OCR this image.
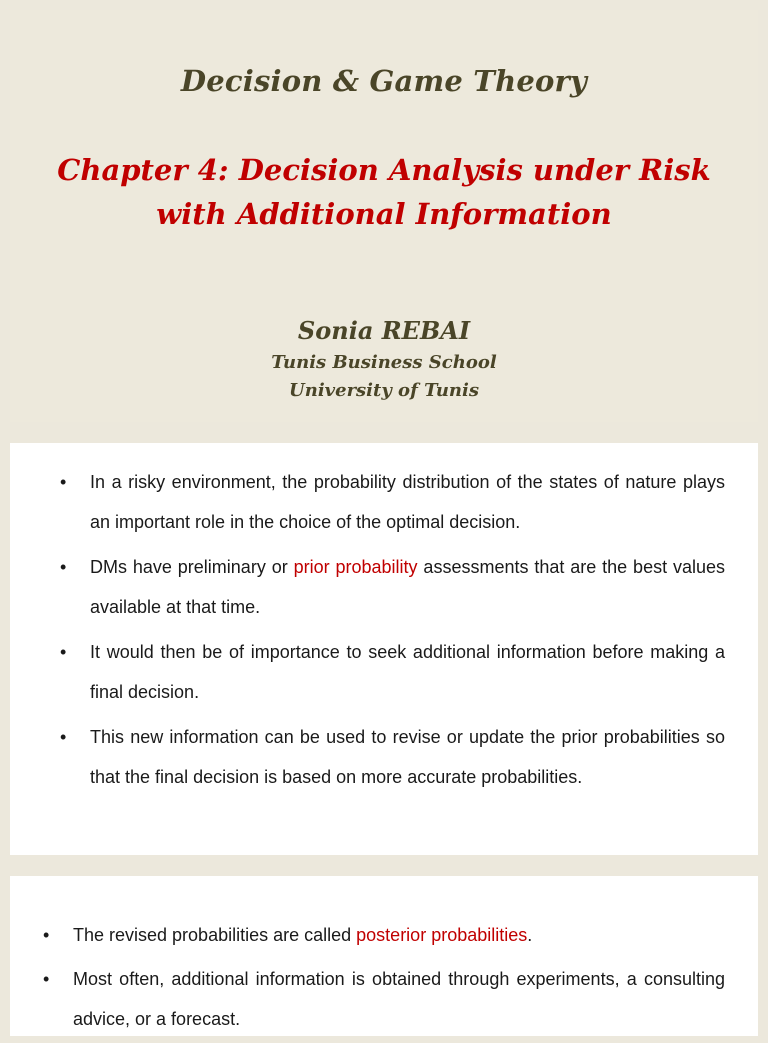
Decision & Game Theory
Chapter 4: Decision Analysis under Risk with Additional Information
Sonia REBAI
Tunis Business School
University of Tunis
• In a risky environment, the probability distribution of the states of nature plays an important role in the choice of the optimal decision.
• DMs have preliminary or prior probability assessments that are the best values available at that time.
• It would then be of importance to seek additional information before making a final decision.
• This new information can be used to revise or update the prior probabilities so that the final decision is based on more accurate probabilities.
• The revised probabilities are called posterior probabilities.
• Most often, additional information is obtained through experiments, a consulting advice, or a forecast.
